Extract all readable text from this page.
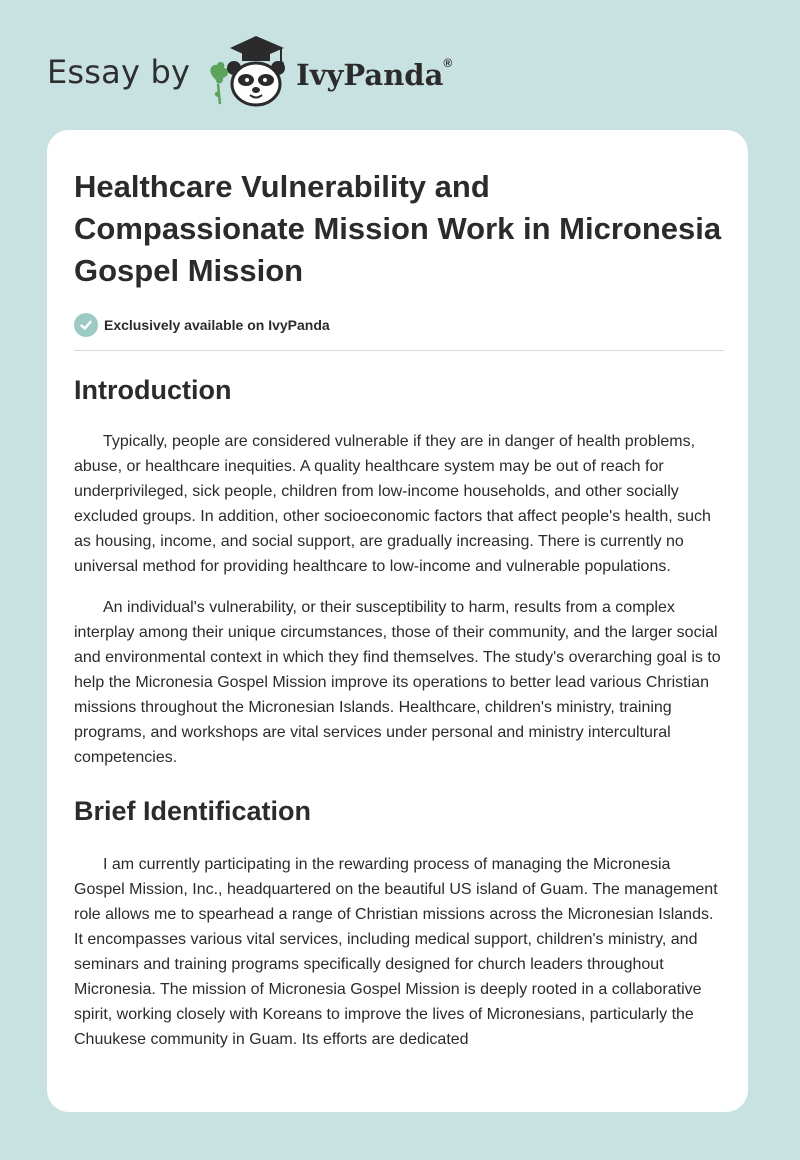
Essay by	IvyPanda®
Healthcare Vulnerability and Compassionate Mission Work in Micronesia Gospel Mission
Exclusively available on IvyPanda
Introduction

Typically, people are considered vulnerable if they are in danger of health problems, abuse, or healthcare inequities. A quality healthcare system may be out of reach for underprivileged, sick people, children from low-income households, and other socially excluded groups. In addition, other socioeconomic factors that affect people's health, such as housing, income, and social support, are gradually increasing. There is currently no universal method for providing healthcare to low-income and vulnerable populations.

An individual's vulnerability, or their susceptibility to harm, results from a complex interplay among their unique circumstances, those of their community, and the larger social and environmental context in which they find themselves. The study's overarching goal is to help the Micronesia Gospel Mission improve its operations to better lead various Christian missions throughout the Micronesian Islands. Healthcare, children's ministry, training programs, and workshops are vital services under personal and ministry intercultural competencies.

Brief Identification

I am currently participating in the rewarding process of managing the Micronesia Gospel Mission, Inc., headquartered on the beautiful US island of Guam. The management role allows me to spearhead a range of Christian missions across the Micronesian Islands. It encompasses various vital services, including medical support, children's ministry, and seminars and training programs specifically designed for church leaders throughout Micronesia. The mission of Micronesia Gospel Mission is deeply rooted in a collaborative spirit, working closely with Koreans to improve the lives of Micronesians, particularly the Chuukese community in Guam. Its efforts are dedicated
